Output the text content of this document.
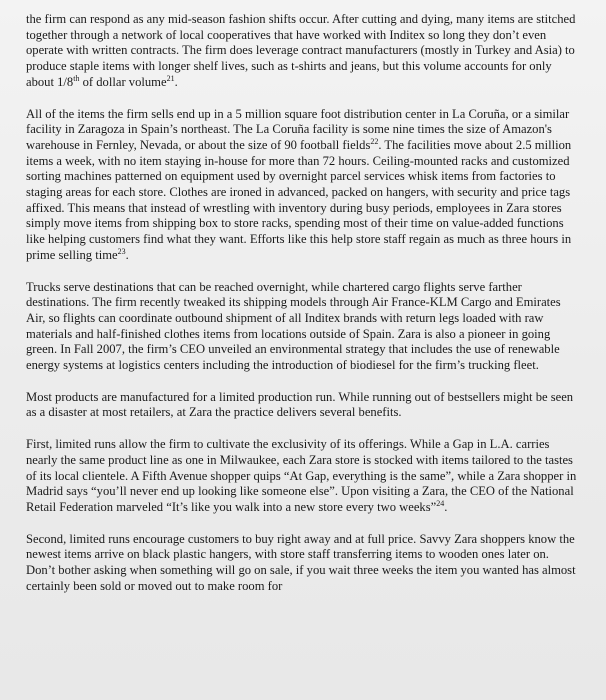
the firm can respond as any mid-season fashion shifts occur. After cutting and dying, many items are stitched together through a network of local cooperatives that have worked with Inditex so long they don’t even operate with written contracts. The firm does leverage contract manufacturers (mostly in Turkey and Asia) to produce staple items with longer shelf lives, such as t-shirts and jeans, but this volume accounts for only about 1/8th of dollar volume$^{21}$.

All of the items the firm sells end up in a 5 million square foot distribution center in La Coruña, or a similar facility in Zaragoza in Spain’s northeast. The La Coruña facility is some nine times the size of Amazon's warehouse in Fernley, Nevada, or about the size of 90 football fields$^{22}$. The facilities move about 2.5 million items a week, with no item staying in-house for more than 72 hours. Ceiling-mounted racks and customized sorting machines patterned on equipment used by overnight parcel services whisk items from factories to staging areas for each store. Clothes are ironed in advanced, packed on hangers, with security and price tags affixed. This means that instead of wrestling with inventory during busy periods, employees in Zara stores simply move items from shipping box to store racks, spending most of their time on value-added functions like helping customers find what they want. Efforts like this help store staff regain as much as three hours in prime selling time$^{23}$.

Trucks serve destinations that can be reached overnight, while chartered cargo flights serve farther destinations. The firm recently tweaked its shipping models through Air France-KLM Cargo and Emirates Air, so flights can coordinate outbound shipment of all Inditex brands with return legs loaded with raw materials and half-finished clothes items from locations outside of Spain. Zara is also a pioneer in going green. In Fall 2007, the firm’s CEO unveiled an environmental strategy that includes the use of renewable energy systems at logistics centers including the introduction of biodiesel for the firm’s trucking fleet.

Most products are manufactured for a limited production run. While running out of bestsellers might be seen as a disaster at most retailers, at Zara the practice delivers several benefits.

First, limited runs allow the firm to cultivate the exclusivity of its offerings. While a Gap in L.A. carries nearly the same product line as one in Milwaukee, each Zara store is stocked with items tailored to the tastes of its local clientele. A Fifth Avenue shopper quips “At Gap, everything is the same”, while a Zara shopper in Madrid says “you’ll never end up looking like someone else”. Upon visiting a Zara, the CEO of the National Retail Federation marveled “It’s like you walk into a new store every two weeks”$^{24}$.

Second, limited runs encourage customers to buy right away and at full price. Savvy Zara shoppers know the newest items arrive on black plastic hangers, with store staff transferring items to wooden ones later on. Don’t bother asking when something will go on sale, if you wait three weeks the item you wanted has almost certainly been sold or moved out to make room for
